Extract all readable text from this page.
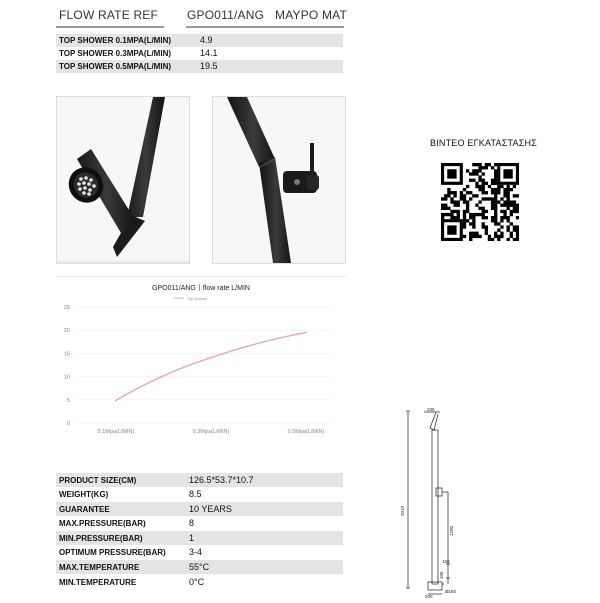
FLOW RATE REF GPO011/ANG ΜΑΥΡΟ ΜΑΤ
TOP SHOWER 0.1MPA(L/MIN)	4.9
TOP SHOWER 0.3MPA(L/MIN)	14.1
TOP SHOWER 0.5MPA(L/MIN)	19.5
ΒΙΝΤΕΟ ΕΓΚΑΤΑΣΤΑΣΗΣ
GPO011/ANG丨flow rate L/MIN
Top shower
0
5
10
15
20
25
0.1Mpa(L/MIN)	0.3Mpa(L/MIN)	0.5Mpa(L/MIN)
PRODUCT SIZE(CM)	126.5*53.7*10.7
WEIGHT(KG)	8.5
GUARANTEE	10 YEARS
MAX.PRESSURE(BAR)	8
MIN.PRESSURE(BAR)	1
OPTIMUM PRESSURE(BAR)	3-4
MAX.TEMPERATURE	55°C
MIN.TEMPERATURE	0°C
235
2019
1200
150
100
200
Ø160
